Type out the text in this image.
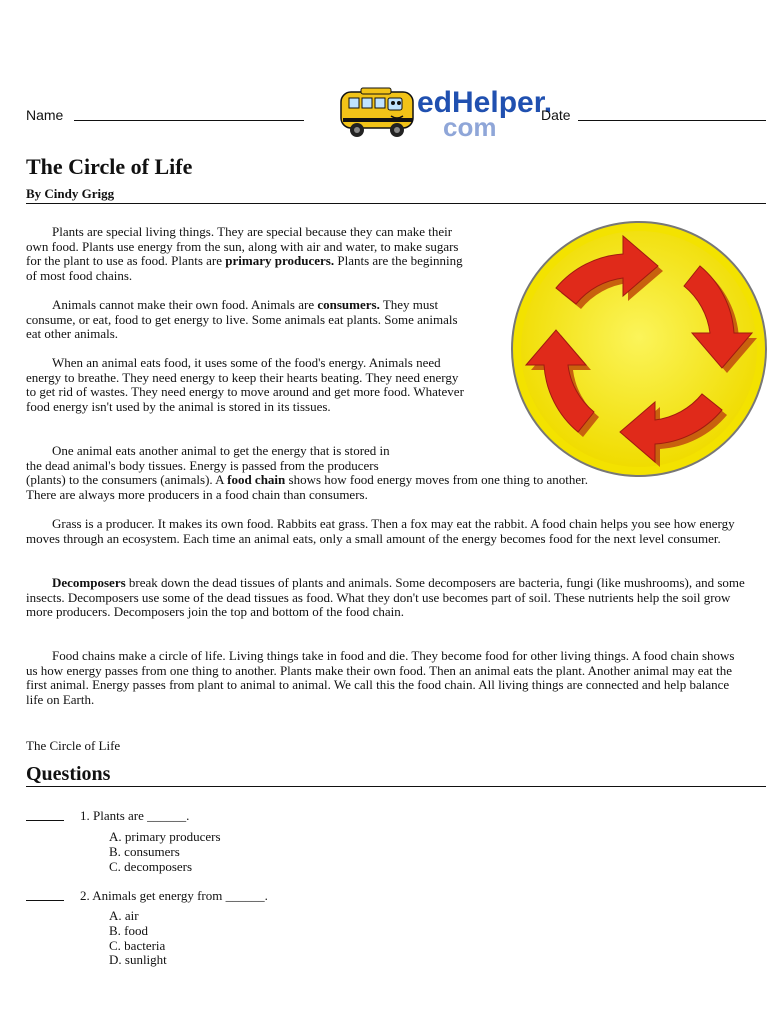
Name	edHelper.
com	Date
The Circle of Life
By Cindy Grigg

Plants are special living things. They are special because they can make their own food. Plants use energy from the sun, along with air and water, to make sugars for the plant to use as food. Plants are primary producers. Plants are the beginning of most food chains.

Animals cannot make their own food. Animals are consumers. They must consume, or eat, food to get energy to live. Some animals eat plants. Some animals eat other animals.

When an animal eats food, it uses some of the food's energy. Animals need energy to breathe. They need energy to keep their hearts beating. They need energy to get rid of wastes. They need energy to move around and get more food. Whatever food energy isn't used by the animal is stored in its tissues.

One animal eats another animal to get the energy that is stored in
the dead animal's body tissues. Energy is passed from the producers
(plants) to the consumers (animals). A food chain shows how food energy moves from one thing to another.
There are always more producers in a food chain than consumers.

Grass is a producer. It makes its own food. Rabbits eat grass. Then a fox may eat the rabbit. A food chain helps you see how energy moves through an ecosystem. Each time an animal eats, only a small amount of the energy becomes food for the next level consumer.

Decomposers break down the dead tissues of plants and animals. Some decomposers are bacteria, fungi (like mushrooms), and some insects. Decomposers use some of the dead tissues as food. What they don't use becomes part of soil. These nutrients help the soil grow more producers. Decomposers join the top and bottom of the food chain.

Food chains make a circle of life. Living things take in food and die. They become food for other living things. A food chain shows us how energy passes from one thing to another. Plants make their own food. Then an animal eats the plant. Another animal may eat the first animal. Energy passes from plant to animal to animal. We call this the food chain. All living things are connected and help balance life on Earth.

The Circle of Life
Questions
1. Plants are ______.
A. primary producers
B. consumers
C. decomposers
2. Animals get energy from ______.
A. air
B. food
C. bacteria
D. sunlight
